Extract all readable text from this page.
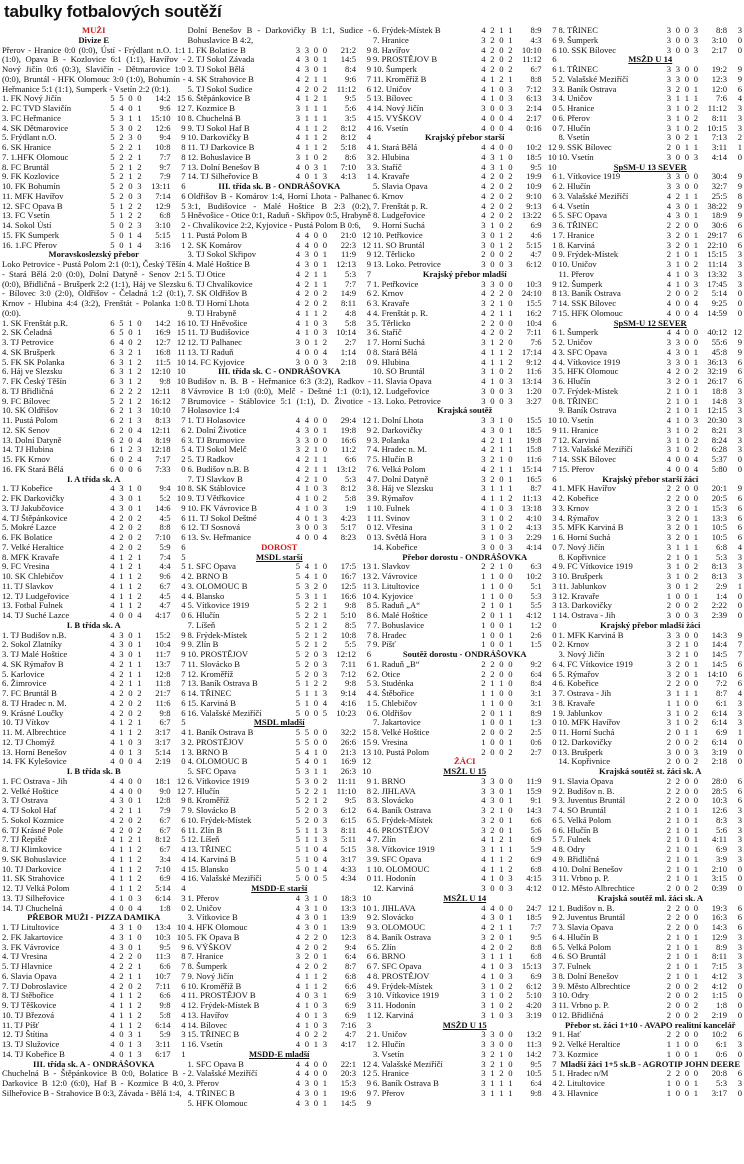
tabulky fotbalových soutěží
MUŽI
Divize E
Přerov - Hranice 0:0 (0:0), Ústí - Frýdlant n.O. 1:1 (1:0), Opava B - Kozlovice 6:1 (1:1), Havířov - Nový Jičín 0:6 (0:3), Slavičín - Dětmarovice 1:0 (0:0), Bruntál - HFK Olomouc 3:0 (1:0), Bohumín - Heřmanice 5:1 (1:1), Sumperk - Vsetín 2:2 (0:1).
1. FK Nový Jičín	5	5	0	0	14:2	15
2. FC TVD Slavičín	5	4	0	1	9:6	12
3. FC Heřmanice	5	3	1	1	15:10	10
4. SK Dětmarovice	5	3	0	2	12:6	9
5. Frýdlant n.O.	5	2	3	0	9:4	9
6. SK Hranice	5	2	2	1	10:8	8
7. 1.HFK Olomouc	5	2	2	1	7:7	8
8. FC Bruntál	5	2	1	2	9:7	7
9. FK Kozlovice	5	2	1	2	7:9	7
10. FK Bohumín	5	2	0	3	13:11	6
11. MFK Havířov	5	2	0	3	7:14	6
12. SFC Opava B	5	1	2	2	12:9	5
13. FC Vsetín	5	1	2	2	6:8	5
14. Sokol Ústí	5	0	2	3	3:10	2
15. FK Sumperk	5	0	1	4	5:15	1
16. 1.FC Přerov	5	0	1	4	3:16	1
Moravskoslezský přebor
Loko Petrovice - Pustá Polom 2:1 (0:1), Český Těšín - Stará Bělá 2:0 (0:0), Dolní Datyně - Senov 2:1 (0:0), Břidličná - Brušperk 2:2 (1:1), Háj ve Slezsku - Bílovec 3:0 (2:0), Oldřišov - Čeladná 1:2 (0:1), Krnov - Hlubina 4:4 (3:2), Frenštát - Polanka 1:0 (0:0).
1. SK Frenštát p.R.	6	5	1	0	14:2	16
2. SK Čeladná	6	5	0	1	16:9	15
3. TJ Petrovice	6	4	0	2	12:7	12
4. SK Brušperk	6	3	2	1	16:8	11
5. FK SK Polanka	6	3	1	2	11:5	10
6. Háj ve Slezsku	6	3	1	2	12:10	10
7. FK Český Těšín	6	3	1	2	9:8	10
8. TJ Břidličná	6	2	2	2	12:11	8
9. FC Bílovec	5	2	1	2	16:12	7
10. SK Oldřišov	6	2	1	3	10:10	7
11. Pustá Polom	6	2	1	3	8:13	7
12. SK Senov	6	2	0	4	12:11	6
13. Dolní Datyně	6	2	0	4	8:19	6
14. TJ Hlubina	6	1	2	3	12:18	5
15. FK Krnov	6	0	2	4	7:17	2
16. FK Stará Bělá	6	0	0	6	7:33	0
I. A třída sk. A
1. TJ Kobeřice	4	3	1	0	9:4	10
2. FK Darkovičky	4	3	0	1	5:2	10
3. TJ Jakubčovice	4	3	0	1	14:6	9
4. TJ Štěpánkovice	4	2	0	2	4:5	6
5. Mokré Lazce	4	2	0	2	8:8	6
6. FK Bolatice	4	2	0	2	7:10	6
7. Velké Heraltice	4	2	0	2	5:9	6
8. MFK Kravaře	4	1	2	1	7:4	5
9. FC Vresina	4	1	2	1	4:4	5
10. SK Chlebičov	4	1	1	2	9:6	4
11. TJ Slavkov	4	1	1	2	6:7	4
12. TJ Ludgeřovice	4	1	1	2	4:5	4
13. Fotbal Fulnek	4	1	1	2	4:7	4
14. TJ Suché Lazce	4	0	0	4	4:17	0
I. B třída sk. A
1. TJ Budišov n.B.	4	3	0	1	15:2	9
2. Sokol Zlatníky	4	3	0	1	10:4	9
3. TJ Malé Hoštice	4	3	0	1	11:7	9
4. SK Rýmařov B	4	2	1	1	13:7	7
5. Karlovice	4	2	1	1	12:8	7
6. Žimrovice	4	2	1	1	11:8	7
7. FC Bruntál B	4	2	0	2	21:7	6
8. TJ Hradec n. M.	4	2	0	2	11:6	6
9. Krásné Loučky	4	2	0	2	9:8	6
10. TJ Vítkov	4	1	2	1	6:7	5
11. M. Albrechtice	4	1	1	2	3:17	4
12. TJ Chomýž	4	1	0	3	3:17	3
13. Horní Benešov	4	0	1	3	5:14	1
14. FK Kylešovice	4	0	0	4	2:19	0
I. B třída sk. B
1. FC Ostrava - Jih	4	4	0	0	18:1	12
2. Velké Hoštice	4	4	0	0	9:0	12
3. TJ Ostrava	4	3	0	1	12:8	9
4. TJ Sokol Haf	4	2	1	1	7:9	7
5. Sokol Kozmice	4	2	0	2	6:7	6
6. TJ Krásné Pole	4	2	0	2	6:7	6
7. TJ Řepiště	4	1	2	1	8:12	5
8. TJ Klimkovice	4	1	1	2	6:7	4
9. SK Bohuslavice	4	1	1	2	3:4	4
10. TJ Darkovice	4	1	1	2	7:10	4
11. SK Strahovice	4	1	1	2	6:9	4
12. TJ Velká Polom	4	1	1	2	5:14	4
13. TJ Silheřovice	4	1	0	3	6:14	3
14. TJ Chuchelná	4	0	0	4	1:8	0
PŘEBOR MUŽI - PIZZA DAMIKA
1. TJ Litultovice	4	3	1	0	13:4	10
2. FK Jakartovice	4	3	1	0	10:3	10
3. FK Vávrovice	4	3	0	1	9:5	9
4. TJ Vresina	4	2	2	0	11:3	8
5. TJ Hlavnice	4	2	2	1	6:6	7
6. Slavia Opava	4	2	1	1	10:7	7
7. TJ Dobroslavice	4	2	0	2	7:11	6
8. TJ Stěbořice	4	1	1	2	6:6	4
9. TJ Těškovice	4	1	1	2	9:8	4
10. TJ Březová	4	1	1	2	5:8	4
11. TJ Píšť	4	1	1	2	6:14	4
12. TJ Štítina	4	0	3	1	5:9	3
13. TJ Služovice	4	0	1	3	3:11	1
14. TJ Kobeřice B	4	0	1	3	6:17	1
III. třída sk. A - ONDRÁŠOVKA
Chuchelná B - Štěpánkovice B 0:0, Bolatice B - Darkovice B 12:0 (6:0), Haf B - Kozmice B 4:0, Silheřovice B - Strahovice B 0:3, Závada - Bělá 1:4,
Dolní Benešov B - Darkovičky B 1:1, Sudice - Bohuslavice B 4:2,
1. FK Bolatice B	3	3	0	0	21:2	9
2. TJ Sokol Závada	4	3	0	1	14:5	9
3. TJ Sokol Bělá	4	3	0	1	8:4	9
4. SK Strahovice B	4	2	1	1	9:6	7
5. TJ Sokol Sudice	4	2	0	2	11:12	6
6. Štěpánkovice B	4	1	2	1	9:5	5
7. Kozmice B	3	1	1	1	5:6	4
8. Chuchelná B	3	1	1	1	3:5	4
9. TJ Sokol Haf B	4	1	1	2	8:12	4
10. Darkovičky B	4	1	1	2	8:12	4
11. TJ Darkovice B	4	1	1	2	5:18	4
12. Bohuslavice B	3	1	0	2	8:6	3
13. Dolní Benešov B	4	0	3	1	7:10	3
14. TJ Silheřovice B	4	0	1	3	4:13	1
III. třída sk. B - ONDRÁŠOVKA
Oldřišov B - Komárov 1:4, Horní Lhota - Palhanec 3:1, Budišovice - Malé Hoštice B 2:3 (0:2), Hněvošice - Otice 0:1, Raduň - Skřipov 0:5, Hrabyně - Chvalíkovice 2:2, Kyjovice - Pustá Polom B 0:6,
1. Pustá Polom B	4	4	0	0	21:0	12
2. SK Komárov	4	4	0	0	22:3	12
3. TJ Sokol Skřipov	4	3	0	1	11:9	9
4. Malé Hoštice B	4	3	0	1	12:13	9
5. TJ Otice	4	2	1	1	5:3	7
6. TJ Chvalíkovice	4	2	1	1	7:7	7
7. SK Oldřišov B	4	2	0	2	14:9	6
8. TJ Horní Lhota	4	2	0	2	8:11	6
9. TJ Hrabyně	4	1	1	2	4:8	4
10. TJ Hněvošice	4	1	0	3	5:8	3
11. TJ Budišovice	4	1	0	3	10:14	3
12. TJ Palhanec	3	0	1	2	2:7	1
13. TJ Raduň	4	0	0	4	1:14	0
14. FC Kyjovice	3	0	0	3	2:18	0
III. třída sk. C - ONDRÁŠOVKA
Budišov n. B. B - Heřmanice 6:3 (3:2), Radkov - Vávrovice B 1:0 (0:0), Melč - Deštné 1:1 (0:1), Brumovice - Stáblovice 5:1 (1:1), D. Životice - Holasovice 1:4
1. TJ Holasovice	4	4	0	0	29:4	12
2. Dolní Životice	4	3	0	1	19:8	9
3. TJ Brumovice	3	3	0	0	16:6	9
4. TJ Sokol Melč	3	2	1	0	11:2	7
5. TJ Radkov	4	2	1	1	6:6	7
6. Budišov n.B. B	4	2	1	1	13:12	7
7. TJ Slavkov B	4	2	1	0	5:3	4
8. SK Stáblovice	4	1	0	3	8:12	3
9. TJ Větřkovice	4	1	0	2	5:8	3
10. FK Vávrovice B	4	1	0	3	1:9	1
11. TJ Sokol Deštné	4	0	1	3	4:23	1
12. TJ Sosnová	3	0	0	3	5:17	0
13. Sv. Heřmanice	4	0	0	4	8:23	0
DOROST
MSDL starší
1. SFC Opava	5	4	1	0	17:5	13
2. BRNO B	5	4	1	0	16:7	13
3. OLOMOUC B	5	3	2	0	12:5	11
4. Blansko	5	3	1	1	16:6	10
5. Vítkovice 1919	5	2	2	1	9:8	8
6. Hlučín	5	2	2	1	5:10	8
7. Líšeň	5	2	1	2	8:5	7
8. Frýdek-Místek	5	2	1	2	10:8	7
9. Zlín B	5	2	1	2	5:5	7
10. PROSTĚJOV	5	2	0	3	12:12	6
11. Slovácko B	5	2	0	3	7:11	6
12. Kroměříž	5	2	0	3	7:12	6
13. Baník Ostrava B	5	1	2	2	9:8	5
14. TŘINEC	5	1	1	3	9:14	4
15. Karviná B	5	1	0	4	4:16	1
16. Valašské Meziříčí	5	0	0	5	10:23	0
MSDL mladší
1. Baník Ostrava B	5	5	0	0	32:2	15
2. PROSTĚJOV	5	5	0	0	26:6	15
3. BRNO B	5	4	1	0	21:3	13
4. OLOMOUC B	5	4	0	1	16:9	12
5. SFC Opava	5	3	1	1	26:3	10
6. Vítkovice 1919	5	3	0	2	11:11	9
7. Hlučín	5	2	2	1	11:10	8
8. Kroměříž	5	2	1	2	9:5	8
9. Slovácko B	5	2	0	3	6:12	6
10. Frýdek-Místek	5	2	0	3	6:15	6
11. Zlín B	5	1	1	3	8:11	4
12. Líšeň	5	1	1	3	5:11	4
13. TŘINEC	5	1	0	4	5:15	3
14. Karviná B	5	1	0	4	3:17	3
15. Blansko	5	0	1	4	4:33	1
16. Valašské Meziříčí	5	0	0	5	4:34	0
MSDD-E starší
1. Přerov	4	3	1	0	18:3	10
2. Uničov	4	3	1	0	13:3	10
3. Vítkovice B	4	3	0	1	13:9	9
4. HFK Olomouc	4	3	0	1	13:9	9
5. FK Opava B	4	2	2	0	12:3	8
6. VÝŠKOV	4	2	0	2	9:4	6
7. Hranice	3	2	0	1	6:4	6
8. Šumperk	4	2	0	2	8:7	6
9. Nový Jičín	4	1	1	2	6:8	4
10. Kroměříž B	4	1	1	2	6:6	4
11. PROSTĚJOV B	4	0	3	1	6:9	3
12. Frýdek-Místek B	4	1	0	3	6:9	3
13. Havířov	4	0	1	3	6:9	1
14. Bílovec	4	1	0	3	7:16	3
15. TŘINEC B	4	0	2	2	4:7	2
16. Vsetín	4	0	1	3	4:17	1
MSDD-E mladší
1. SFC Opava B	4	4	0	0	22:1	12
2. Valašské Meziříčí	4	4	0	0	20:3	12
3. Přerov	4	3	0	1	15:3	9
4. TŘINEC B	4	3	0	1	19:6	9
5. HFK Olomouc	4	3	0	1	14:5	9
6. Frýdek-Místek B	4	2	1	1	8:9	7
7. Hranice	3	2	0	1	4:3	6
8. Havířov	4	2	0	2	10:10	6
9. PROSTĚJOV B	4	2	0	2	11:12	6
10. Šumperk	4	2	0	2	6:7	6
11. Kroměříž B	4	1	2	1	8:8	5
12. Uničov	4	1	0	3	7:12	3
13. Bílovec	4	1	0	3	6:13	3
14. Nový Jičín	3	0	0	3	2:14	0
15. VYŠKOV	4	0	0	4	2:17	0
16. Vsetín	4	0	0	4	0:16	0
Krajský přebor starší
1. Stará Bělá	4	4	0	0	10:2	12
2. Hlubina	4	3	1	0	18:5	10
3. Staříč	4	3	1	0	9:5	10
4. Kravaře	4	2	0	2	19:9	6
5. Slavia Opava	4	2	0	2	10:9	6
6. Krnov	4	2	0	2	9:10	6
7. Frenštát p. R.	4	2	0	2	9:13	6
8. Ludgeřovice	4	2	0	2	13:22	6
9. Horní Suchá	3	1	0	2	6:9	3
10. Petřkovice	3	0	1	2	4:6	1
11. SO Bruntál	3	0	1	2	5:15	1
12. Těrlicko	2	0	0	2	4:7	0
13. Loko. Petrovice	3	0	0	3	6:12	0
Krajský přebor mladší
1. Petřkovice	3	3	0	0	10:3	9
2. Krnov	4	2	2	0	24:10	8
3. Kravaře	3	2	1	0	15:5	7
4. Frenštát p. R.	4	2	1	1	16:2	7
5. Těrlicko	2	2	0	0	10:4	6
6. Staříč	4	2	0	2	7:11	6
7. Horní Suchá	3	1	2	0	7:6	5
8. Stará Bělá	4	1	1	2	17:14	4
9. Hlubina	4	1	1	2	9:12	4
10. SO Bruntál	3	1	0	2	11:6	3
11. Slavia Opava	4	1	0	3	13:14	3
12. Ludgeřovice	3	0	0	3	1:20	0
13. Loko. Petrovice	3	0	0	3	3:27	0
Krajská soutěž
1. Dolní Lhota	3	3	1	0	15:5	10
2. Darkovičky	4	3	0	1	18:5	9
3. Polanka	4	2	1	1	19:8	7
4. Hradec n. M.	4	2	1	1	15:8	7
5. Hlučín B	3	2	1	0	11:6	7
6. Velká Polom	4	2	1	1	15:14	7
7. Dolní Datyně	3	2	0	1	16:5	6
8. Háj ve Slezsku	3	1	1	1	8:7	4
9. Rýmařov	4	1	1	2	11:13	4
10. Fulnek	4	1	0	3	13:18	3
11. Svinov	3	1	0	2	4:10	3
12. Vřesina	3	1	0	2	4:13	3
13. Světlá Hora	3	1	0	3	2:29	1
14. Kobeřice	3	0	0	3	4:14	0
Přebor dorostu - ONDRÁŠOVKA
1. Slavkov	2	2	1	0	6:3	4
2. Vávrovice	1	1	0	0	10:2	3
3. Litultovice	1	1	0	0	5:1	3
4. Kyjovice	1	1	0	0	5:3	3
5. Raduň „A“	2	1	0	1	5:5	3
6. Malé Hoštice	2	0	1	1	4:12	1
7. Bohuslavice	1	0	0	1	1:2	0
8. Hradec	1	0	0	1	2:6	0
9. Píšť	1	0	0	1	1:5	0
Soutěž dorostu - ONDRÁŠOVKA
1. Raduň „B“	2	2	0	0	9:2	6
2. Otice	2	2	0	0	6:4	6
3. Studénka	2	1	1	0	8:4	4
4. Štěbořice	1	1	0	0	3:1	3
5. Chlebičov	1	1	0	0	3:1	3
6. Oldřišov	2	0	1	1	8:9	1
7. Jakartovice	1	0	0	1	1:3	0
8. Velké Hoštice	2	0	0	2	2:5	0
9. Vresina	1	0	0	1	0:6	0
10. Pustá Polom	2	0	0	2	2:7	0
ŽÁCI
MSŽL U 15
1. BRNO	3	3	0	0	11:9	9
2. JIHLAVA	3	3	0	1	15:9	9
3. Slovácko	4	3	0	1	9:1	9
4. Baník Ostrava	3	2	1	0	14:3	7
5. Frýdek-Místek	3	2	0	1	6:6	6
6. PROSTĚJOV	3	2	0	1	5:6	6
7. Zlín	4	1	2	1	6:9	5
8. Vítkovice 1919	3	1	1	1	5:9	4
9. SFC Opava	4	1	1	2	6:9	4
10. OLOMOUC	4	1	1	2	6:8	4
11. Hodonín	4	1	0	3	4:15	3
12. Karviná	3	0	0	3	4:12	0
MSŽL U 14
1. JIHLAVA	4	4	0	0	24:7	12
2. Slovácko	4	3	0	1	18:5	9
3. OLOMOUC	4	2	1	1	7:7	7
4. Baník Ostrava	3	2	0	1	9:5	6
5. Zlín	4	2	0	2	8:8	6
6. BRNO	3	1	1	1	6:8	4
7. SFC Opava	4	1	0	3	15:13	3
8. PROSTĚJOV	4	1	0	3	6:9	3
9. Frýdek-Místek	3	1	0	2	6:12	3
10. Vítkovice 1919	3	1	0	2	5:10	3
11. Hodonín	3	1	0	2	4:20	3
12. Karviná	3	1	0	3	3:19	0
MSŽD U 15
1. Uničov	3	3	0	0	13:2	9
2. Hlučín	3	3	0	0	11:3	9
3. Vsetín	3	2	1	0	14:2	7
4. Valašské Meziříčí	3	2	1	0	9:5	7
5. Hranice	3	1	2	0	10:5	5
6. Baník Ostrava B	3	1	1	1	6:4	4
7. Přerov	3	1	1	1	9:8	4
8. TŘINEC	3	0	0	3	8:8	3
9. Šumperk	3	0	0	3	3:10	0
10. SSK Bílovec	3	0	0	3	2:17	0
MSŽD U 14
1. TŘINEC	3	3	0	0	19:2	9
2. Valašské Meziříčí	3	3	0	0	12:3	9
3. Baník Ostrava	3	2	0	1	12:0	6
4. Uničov	3	1	1	1	7:6	4
5. Hranice	3	1	0	2	11:12	3
6. Přerov	3	1	0	2	8:11	3
7. Hlučín	3	1	0	2	10:15	3
8. Vsetín	3	0	2	1	7:13	2
9. SSK Bílovec	2	0	1	1	3:11	1
10. Vsetín	3	0	0	3	4:14	0
SpSM-U 13 SEVER
1. Vítkovice 1919	3	3	0	0	30:4	9
2. Hlučín	3	3	0	0	32:7	9
3. Valašské Meziříčí	4	2	1	1	25:5	8
4. Vsetín	4	3	0	1	38:22	9
5. SFC Opava	4	3	0	1	18:9	9
6. TŘINEC	2	2	0	0	30:6	6
7. Hranice	3	2	0	1	29:17	6
8. Karviná	3	2	0	1	22:10	6
9. Frýdek-Místek	2	1	0	1	15:15	3
10. Uničov	3	1	0	2	11:14	3
11. Přerov	4	1	0	3	13:32	3
12. Šumperk	4	1	0	3	17:45	3
13. Baník Ostrava	2	0	0	2	5:14	0
14. SSK Bílovec	4	0	0	4	9:25	0
15. HFK Olomouc	4	0	0	4	14:59	0
SpSM-U 12 SEVER
1. Šumperk	4	4	0	0	40:12	12
2. Uničov	3	3	0	0	55:6	9
3. SFC Opava	4	3	0	1	45:8	9
4. Vítkovice 1919	3	3	0	1	36:13	6
5. HFK Olomouc	4	2	0	2	32:19	6
6. Hlučín	3	2	0	1	26:17	6
7. Frýdek-Místek	2	1	0	1	18:8	3
8. TŘINEC	2	1	0	1	14:8	3
9. Baník Ostrava	2	1	0	1	12:15	3
10. Vsetín	4	1	0	3	20:30	3
11. Hranice	3	1	0	2	8:21	3
12. Karviná	3	1	0	2	8:24	3
13. Valašské Meziříčí	3	1	0	2	6:28	3
14. SSK Bílovec	4	0	0	4	5:37	0
15. Přerov	4	0	0	4	5:80	0
Krajský přebor starší žáci
1. MFK Havířov	2	2	0	0	20:1	9
2. Kobeřice	2	2	0	0	20:5	6
3. Krnov	3	2	0	1	15:3	6
4. Rýmařov	3	2	0	1	13:3	6
5. MFK Karviná B	3	2	0	1	10:5	6
6. Horní Suchá	3	2	0	1	10:5	6
7. Nový Jičín	3	1	1	1	6:8	4
8. Kopřivnice	2	1	0	1	5:3	3
9. FC Vítkovice 1919	3	1	0	2	8:13	3
10. Brušperk	3	1	0	2	8:13	3
11. Jablunkov	3	0	1	2	2:9	1
12. Kravaře	1	0	0	1	1:4	0
13. Darkovičky	2	0	0	2	2:22	0
14. Ostrava - Jih	3	0	0	3	2:39	0
Krajský přebor mladší žáci
1. MFK Karviná B	3	3	0	0	14:3	9
2. Krnov	3	2	1	0	14:4	7
3. Nový Jičín	3	2	1	0	14:5	7
4. FC Vítkovice 1919	3	2	0	1	14:5	6
5. Rýmařov	3	2	0	1	14:10	6
6. Kobeřice	2	2	0	0	7:2	6
7. Ostrava - Jih	3	1	1	1	8:7	4
8. Kravaře	1	1	0	0	6:1	3
9. Jablunkov	3	1	0	2	6:14	3
10. MFK Havířov	3	1	0	2	6:14	3
11. Horní Suchá	2	0	1	1	6:9	1
12. Darkovičky	2	0	0	2	6:14	0
13. Brušperk	3	0	0	3	3:19	0
14. Kopřivnice	2	0	0	2	2:18	0
Krajská soutěž st. žáci sk. A
1. Slavia Opava	2	2	0	0	28:0	6
2. Budišov n. B.	2	2	0	0	28:5	6
3. Juventus Bruntál	2	2	0	0	10:3	6
4. SO Bruntál	2	1	0	1	12:6	3
5. Velká Polom	2	1	0	1	8:3	3
6. Hlučín B	2	1	0	1	5:6	3
7. Fulnek	2	1	0	1	4:11	3
8. Odry	2	1	0	1	6:9	3
9. Břidličná	2	1	0	1	3:9	3
10. Dolní Benešov	2	1	0	1	2:10	0
11. Vrbno p. P.	2	1	0	1	3:15	0
12. Město Albrechtice	2	0	0	2	0:39	0
Krajská soutěž ml. žáci sk. A
1. Budišov n. B.	2	2	0	0	19:3	6
2. Juventus Bruntál	2	2	0	0	16:3	6
3. Slavia Opava	2	2	0	0	14:3	6
4. Hlučín B	2	1	0	1	12:9	3
5. Velká Polom	2	1	0	1	8:9	3
6. SO Bruntál	2	1	0	1	8:11	3
7. Fulnek	2	1	0	1	7:15	3
8. Dolní Benešov	2	1	0	1	4:12	3
9. Město Albrechtice	2	0	0	2	4:12	0
10. Odry	2	0	0	2	1:15	0
11. Vrbno p. P.	2	0	0	2	1:8	0
12. Břidličná	2	0	0	2	2:19	0
Přebor st. žáci 1+10 - AVAPO realitní kancelář
1. Hať	2	2	0	0	10:2	6
2. Velké Heraltice	1	1	0	0	6:1	3
3. Kozmice	1	0	0	1	0:6	0
Mladší žáci 1+5 sk.B - AGROTIP JOHN DEERE
1. Hradec n/M	2	2	0	0	20:8	6
2. Litultovice	1	0	0	1	5:3	3
3. Hlavnice	1	0	0	1	3:17	0
